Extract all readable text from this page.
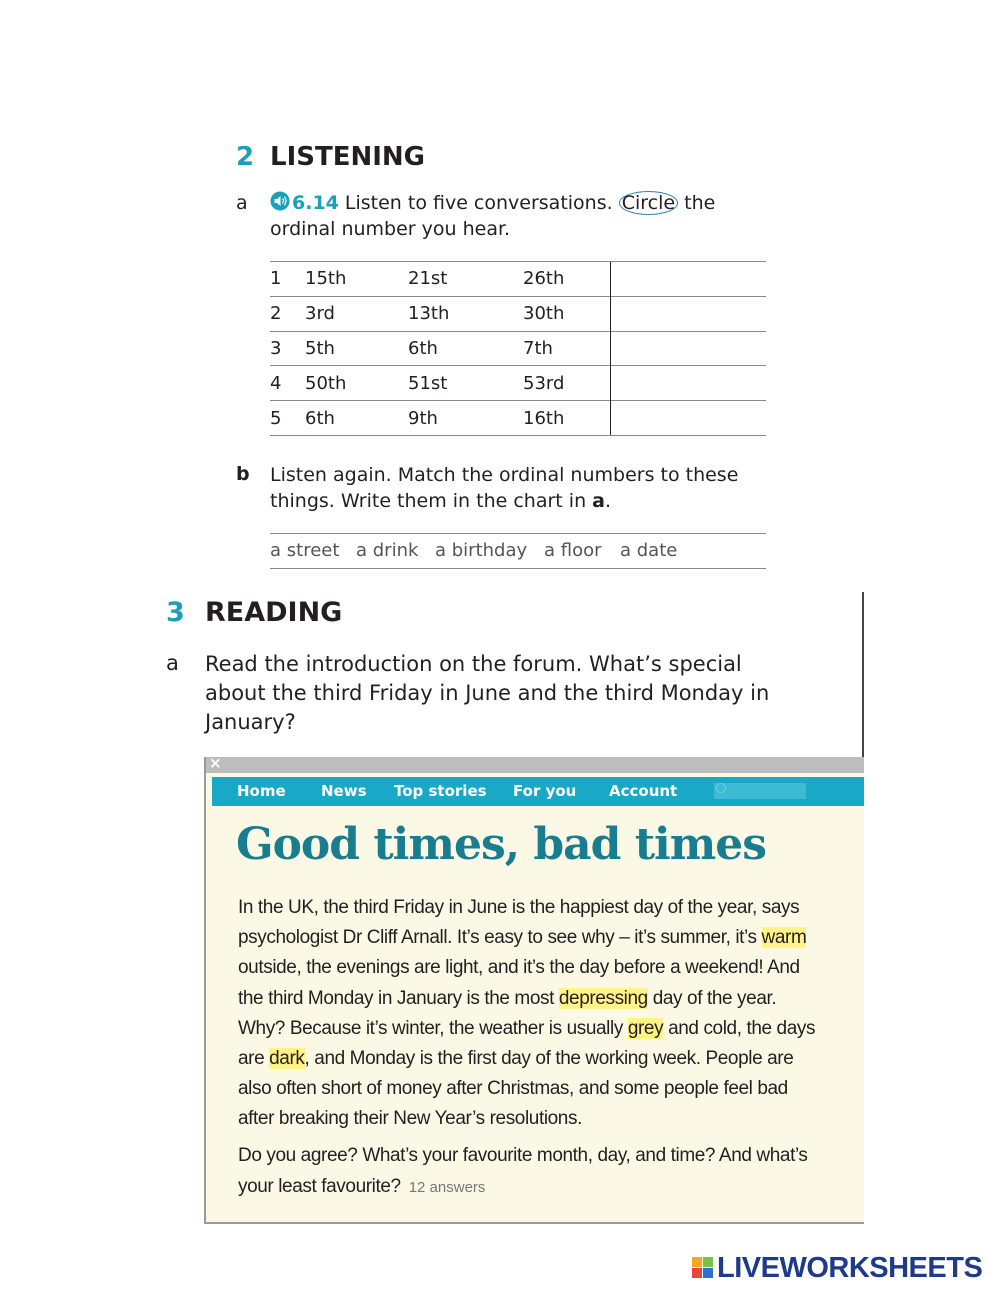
2 LISTENING
a	6.14 Listen to five conversations. Circle the ordinal number you hear.
1	15th	21st	26th	
2	3rd	13th	30th	
3	5th	6th	7th	
4	50th	51st	53rd	
5	6th	9th	16th	
b Listen again. Match the ordinal numbers to these things. Write them in the chart in a.
a street a drink a birthday a floor a date
3 READING
a Read the introduction on the forum. What’s special about the third Friday in June and the third Monday in January?
×
Home News Top stories For you Account
Good times, bad times
In the UK, the third Friday in June is the happiest day of the year, says psychologist Dr Cliff Arnall. It’s easy to see why – it’s summer, it’s warm outside, the evenings are light, and it’s the day before a weekend! And the third Monday in January is the most depressing day of the year. Why? Because it’s winter, the weather is usually grey and cold, the days are dark, and Monday is the first day of the working week. People are also often short of money after Christmas, and some people feel bad after breaking their New Year’s resolutions.
Do you agree? What’s your favourite month, day, and time? And what’s your least favourite? 12 answers
LIVEWORKSHEETS
